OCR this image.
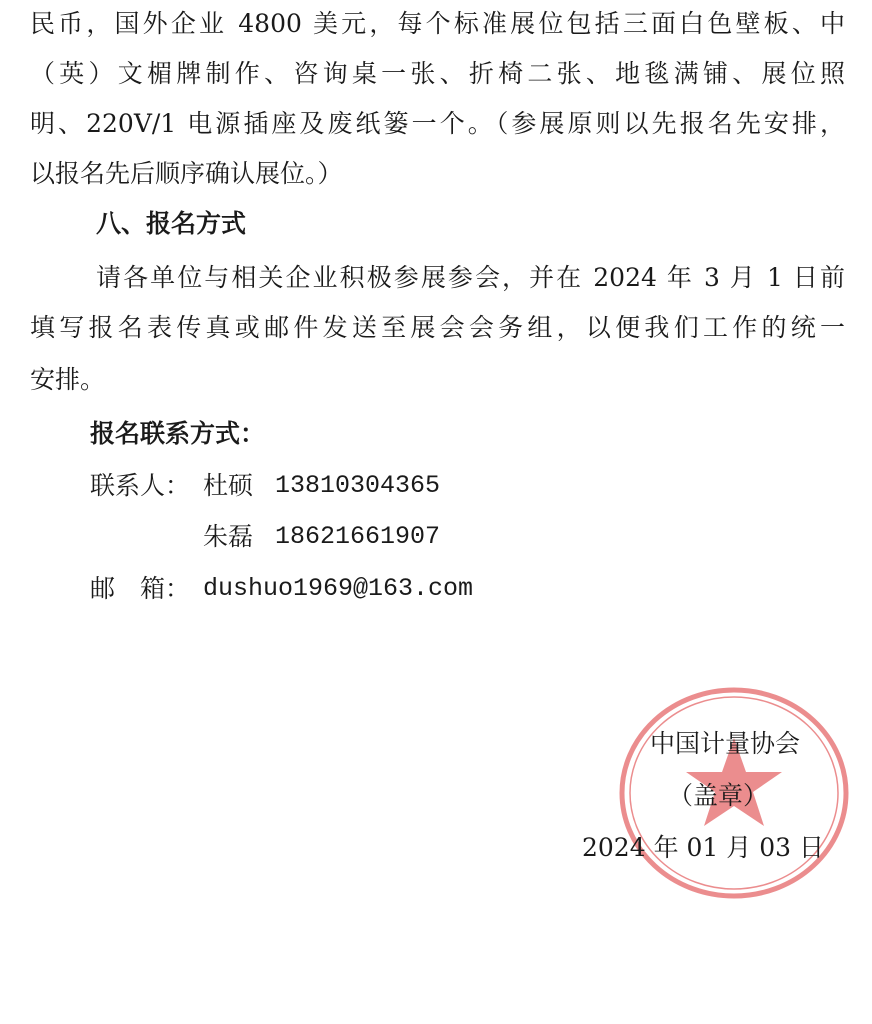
民币，国外企业 4800 美元，每个标准展位包括三面白色壁板、中
（英）文楣牌制作、咨询桌一张、折椅二张、地毯满铺、展位照
明、220V/1 电源插座及废纸篓一个。（参展原则以先报名先安排，
以报名先后顺序确认展位。）
八、报名方式
请各单位与相关企业积极参展参会，并在 2024 年 3 月 1 日前
填写报名表传真或邮件发送至展会会务组，以便我们工作的统一
安排。
报名联系方式：
联系人： 杜硕 13810304365
朱磊 18621661907
邮　箱： dushuo1969@163.com
中国计量协会
（盖章）
2024 年 01 月 03 日
